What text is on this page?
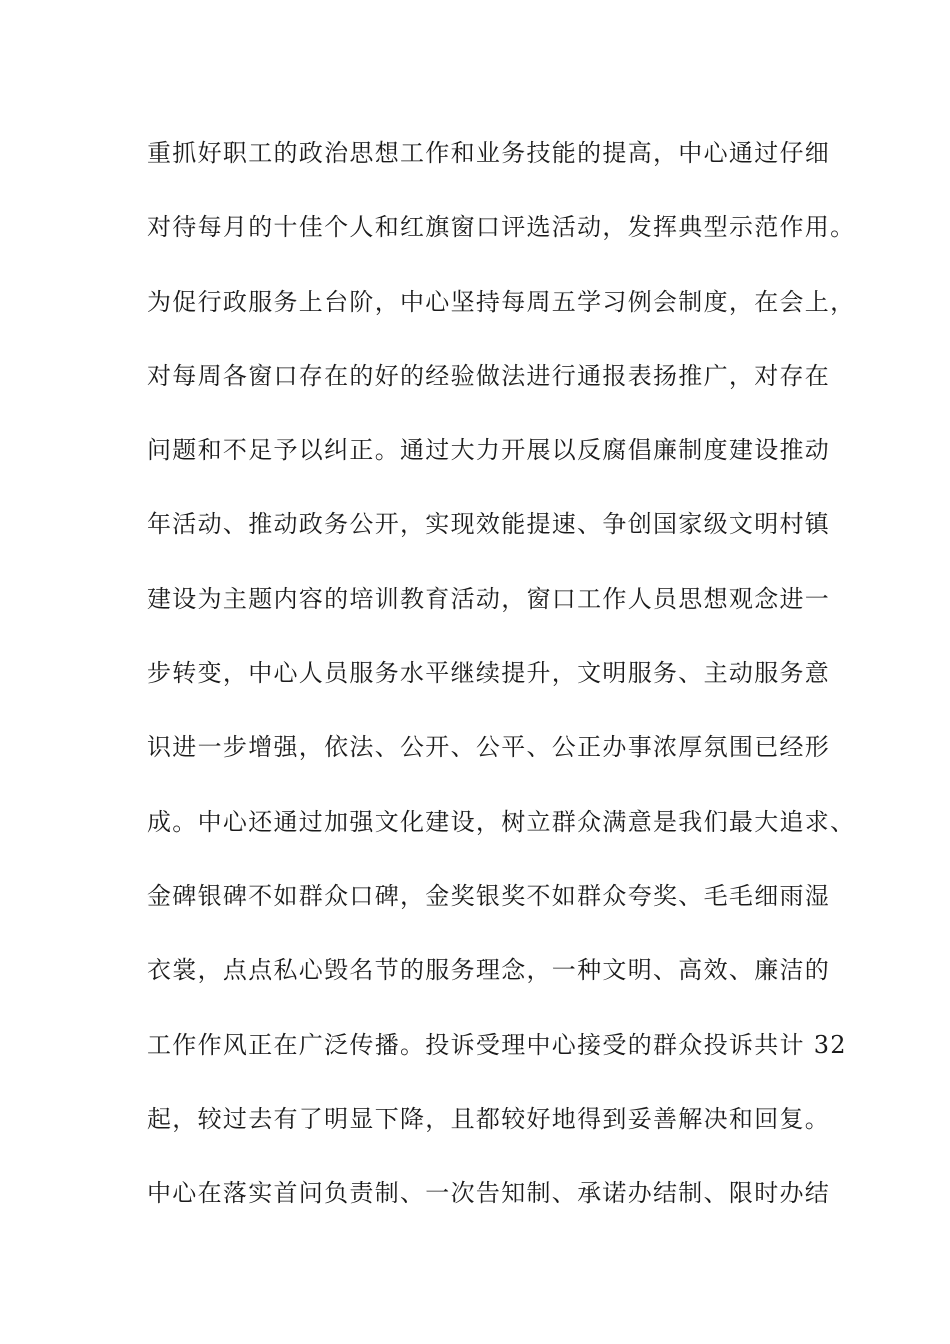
重抓好职工的政治思想工作和业务技能的提高，中心通过仔细
对待每月的十佳个人和红旗窗口评选活动，发挥典型示范作用。
为促行政服务上台阶，中心坚持每周五学习例会制度，在会上，
对每周各窗口存在的好的经验做法进行通报表扬推广，对存在
问题和不足予以纠正。通过大力开展以反腐倡廉制度建设推动
年活动、推动政务公开，实现效能提速、争创国家级文明村镇
建设为主题内容的培训教育活动，窗口工作人员思想观念进一
步转变，中心人员服务水平继续提升，文明服务、主动服务意
识进一步增强，依法、公开、公平、公正办事浓厚氛围已经形
成。中心还通过加强文化建设，树立群众满意是我们最大追求、
金碑银碑不如群众口碑，金奖银奖不如群众夸奖、毛毛细雨湿
衣裳，点点私心毁名节的服务理念，一种文明、高效、廉洁的
工作作风正在广泛传播。投诉受理中心接受的群众投诉共计 32
起，较过去有了明显下降，且都较好地得到妥善解决和回复。
中心在落实首问负责制、一次告知制、承诺办结制、限时办结
